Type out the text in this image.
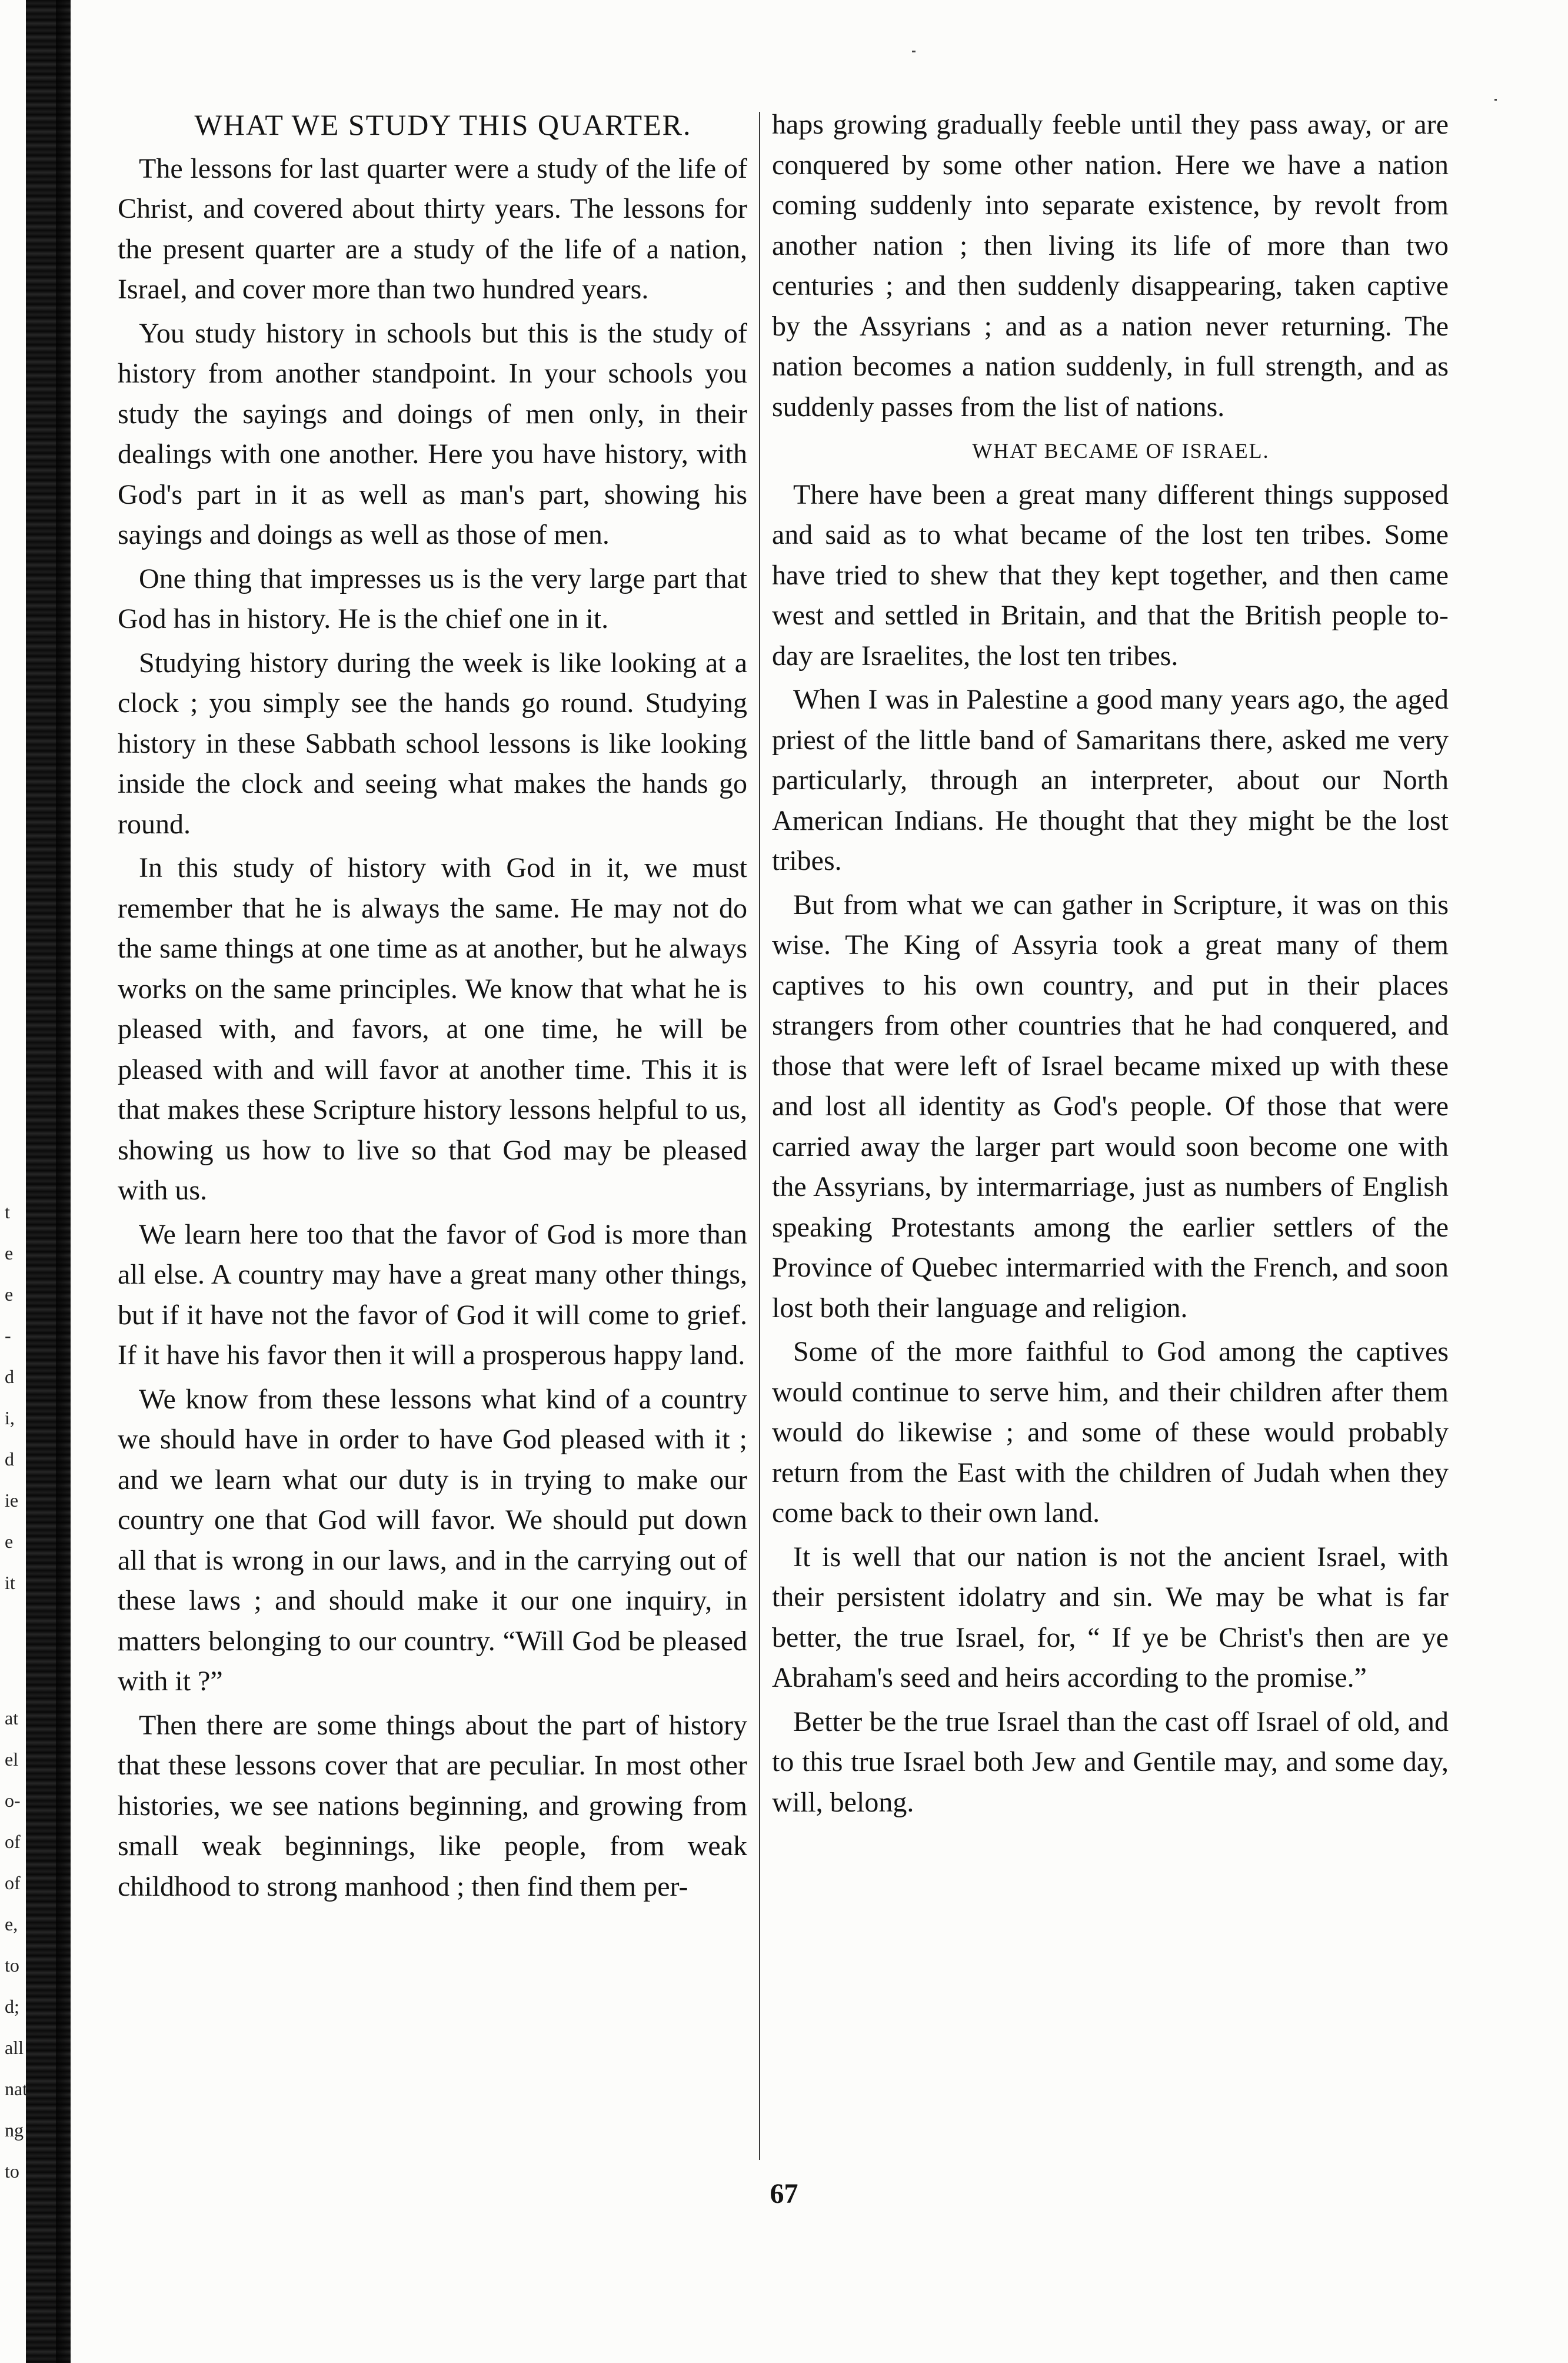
t
e
e
-
d
i,
d
ie
e
it
at
el
o-
of
of
e,
to
d;
all
nat
ng
to

WHAT WE STUDY THIS QUARTER.

The lessons for last quarter were a study of the life of Christ, and covered about thirty years. The lessons for the present quarter are a study of the life of a nation, Israel, and cover more than two hundred years.

You study history in schools but this is the study of history from another standpoint. In your schools you study the sayings and doings of men only, in their dealings with one another. Here you have history, with God's part in it as well as man's part, showing his sayings and doings as well as those of men.

One thing that impresses us is the very large part that God has in history. He is the chief one in it.

Studying history during the week is like looking at a clock ; you simply see the hands go round. Studying history in these Sabbath school lessons is like looking inside the clock and seeing what makes the hands go round.

In this study of history with God in it, we must remember that he is always the same. He may not do the same things at one time as at another, but he always works on the same principles. We know that what he is pleased with, and favors, at one time, he will be pleased with and will favor at another time. This it is that makes these Scripture history lessons helpful to us, showing us how to live so that God may be pleased with us.

We learn here too that the favor of God is more than all else. A country may have a great many other things, but if it have not the favor of God it will come to grief. If it have his favor then it will a prosperous happy land.

We know from these lessons what kind of a country we should have in order to have God pleased with it ; and we learn what our duty is in trying to make our country one that God will favor. We should put down all that is wrong in our laws, and in the carrying out of these laws ; and should make it our one inquiry, in matters belonging to our country. “Will God be pleased with it ?”

Then there are some things about the part of history that these lessons cover that are peculiar. In most other histories, we see nations beginning, and growing from small weak beginnings, like people, from weak childhood to strong manhood ; then find them per-

haps growing gradually feeble until they pass away, or are conquered by some other nation. Here we have a nation coming suddenly into separate existence, by revolt from another nation ; then living its life of more than two centuries ; and then suddenly disappearing, taken captive by the Assyrians ; and as a nation never returning. The nation becomes a nation suddenly, in full strength, and as suddenly passes from the list of nations.

WHAT BECAME OF ISRAEL.

There have been a great many different things supposed and said as to what became of the lost ten tribes. Some have tried to shew that they kept together, and then came west and settled in Britain, and that the British people to-day are Israelites, the lost ten tribes.

When I was in Palestine a good many years ago, the aged priest of the little band of Samaritans there, asked me very particularly, through an interpreter, about our North American Indians. He thought that they might be the lost tribes.

But from what we can gather in Scripture, it was on this wise. The King of Assyria took a great many of them captives to his own country, and put in their places strangers from other countries that he had conquered, and those that were left of Israel became mixed up with these and lost all identity as God's people. Of those that were carried away the larger part would soon become one with the Assyrians, by intermarriage, just as numbers of English speaking Protestants among the earlier settlers of the Province of Quebec intermarried with the French, and soon lost both their language and religion.

Some of the more faithful to God among the captives would continue to serve him, and their children after them would do likewise ; and some of these would probably return from the East with the children of Judah when they come back to their own land.

It is well that our nation is not the ancient Israel, with their persistent idolatry and sin. We may be what is far better, the true Israel, for, “ If ye be Christ's then are ye Abraham's seed and heirs according to the promise.”

Better be the true Israel than the cast off Israel of old, and to this true Israel both Jew and Gentile may, and some day, will, belong.

67
